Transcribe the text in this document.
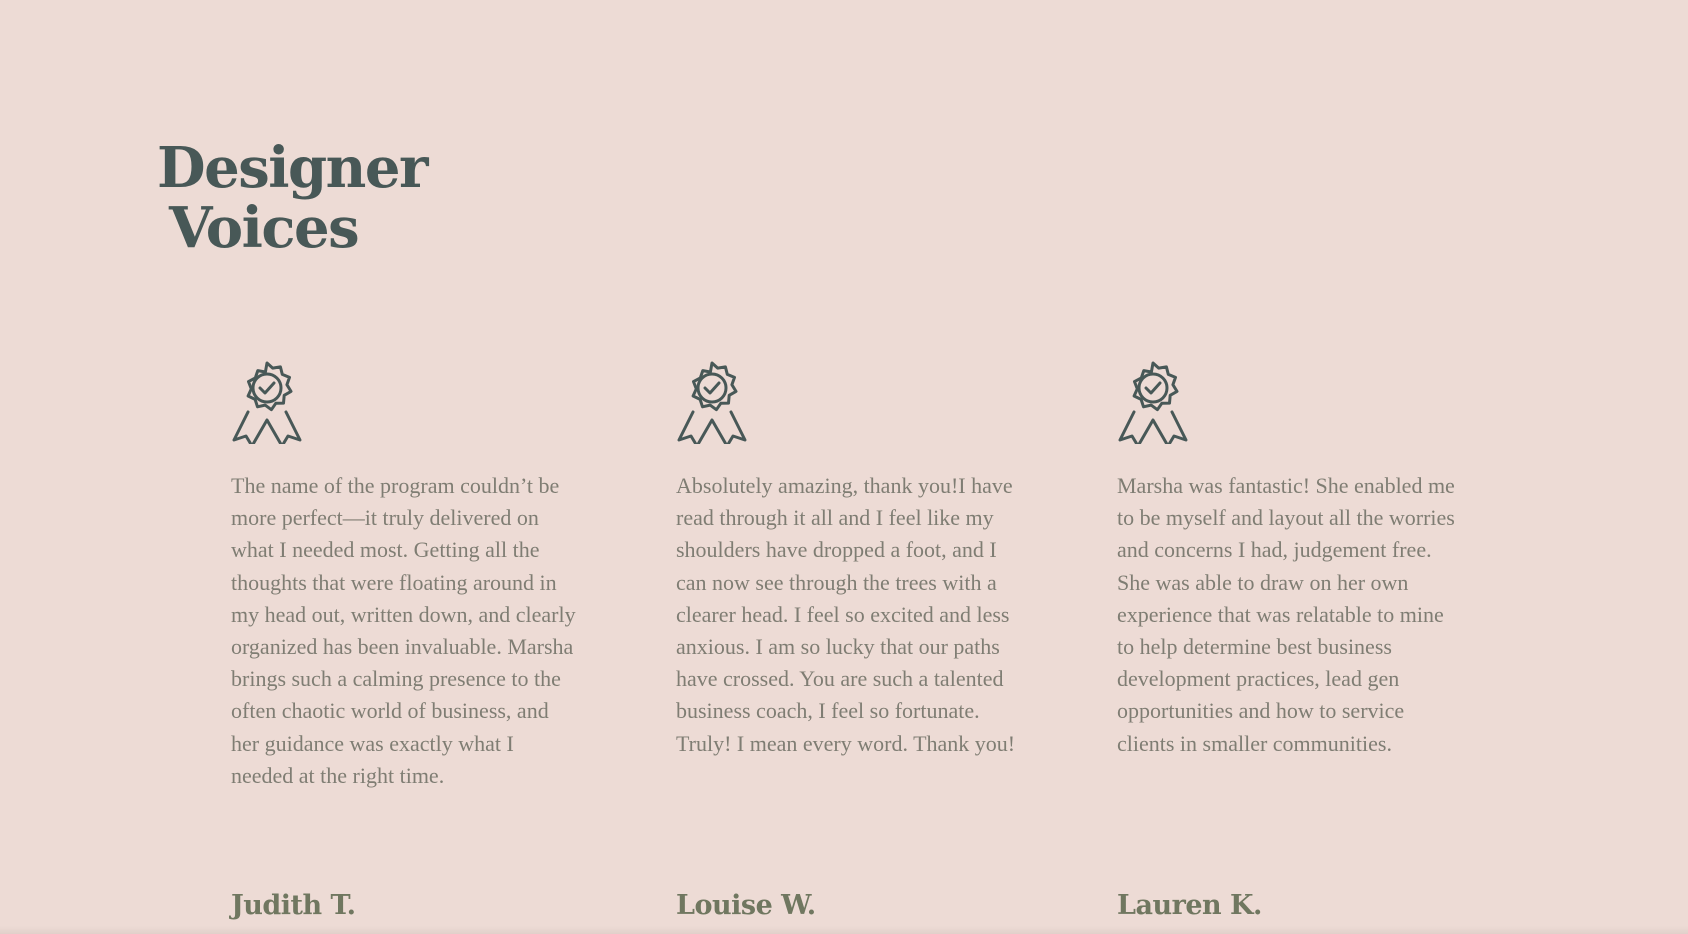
Designer
Voices

The name of the program couldn’t be more perfect—it truly delivered on what I needed most. Getting all the thoughts that were floating around in my head out, written down, and clearly organized has been invaluable. Marsha brings such a calming presence to the often chaotic world of business, and her guidance was exactly what I needed at the right time.

Judith T.

Absolutely amazing, thank you!I have read through it all and I feel like my shoulders have dropped a foot, and I can now see through the trees with a clearer head. I feel so excited and less anxious. I am so lucky that our paths have crossed. You are such a talented business coach, I feel so fortunate. Truly! I mean every word. Thank you!

Louise W.

Marsha was fantastic! She enabled me to be myself and layout all the worries and concerns I had, judgement free. She was able to draw on her own experience that was relatable to mine to help determine best business development practices, lead gen opportunities and how to service clients in smaller communities.

Lauren K.
